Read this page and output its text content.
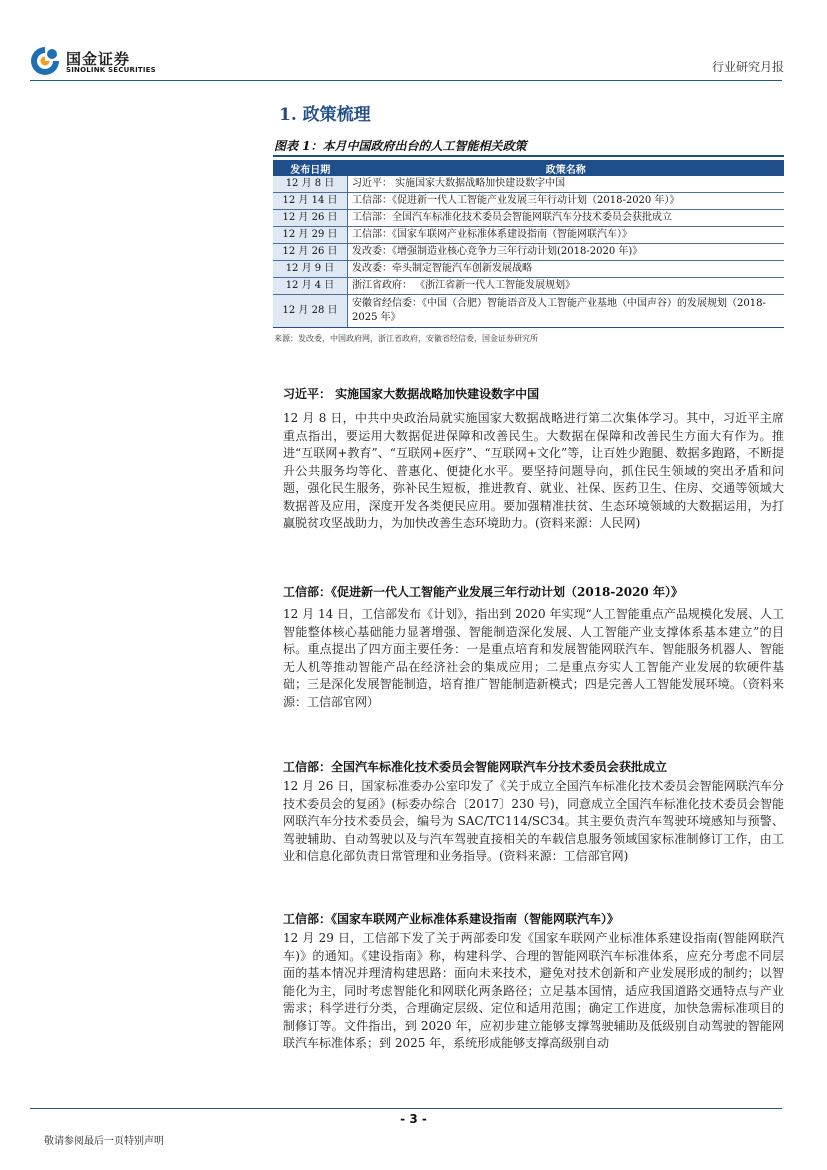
国金证券
SINOLINK SECURITIES	行业研究月报
1. 政策梳理
图表 1：本月中国政府出台的人工智能相关政策
发布日期	政策名称
12 月 8 日	习近平： 实施国家大数据战略加快建设数字中国
12 月 14 日	工信部：《促进新一代人工智能产业发展三年行动计划（2018-2020 年）》
12 月 26 日	工信部：全国汽车标准化技术委员会智能网联汽车分技术委员会获批成立
12 月 29 日	工信部：《国家车联网产业标准体系建设指南（智能网联汽车）》
12 月 26 日	发改委：《增强制造业核心竞争力三年行动计划(2018-2020 年)》
12 月 9 日	发改委：牵头制定智能汽车创新发展战略
12 月 4 日	浙江省政府： 《浙江省新一代人工智能发展规划》
12 月 28 日	安徽省经信委：《中国（合肥）智能语音及人工智能产业基地（中国声谷）的发展规划（2018-2025 年》
来源：发改委，中国政府网，浙江省政府，安徽省经信委，国金证券研究所
习近平： 实施国家大数据战略加快建设数字中国

12 月 8 日，中共中央政治局就实施国家大数据战略进行第二次集体学习。其中，习近平主席重点指出，要运用大数据促进保障和改善民生。大数据在保障和改善民生方面大有作为。推进“互联网+教育”、“互联网+医疗”、“互联网+文化”等，让百姓少跑腿、数据多跑路，不断提升公共服务均等化、普惠化、便捷化水平。要坚持问题导向，抓住民生领域的突出矛盾和问题，强化民生服务，弥补民生短板，推进教育、就业、社保、医药卫生、住房、交通等领域大数据普及应用，深度开发各类便民应用。要加强精准扶贫、生态环境领域的大数据运用，为打赢脱贫攻坚战助力，为加快改善生态环境助力。(资料来源：人民网)

工信部：《促进新一代人工智能产业发展三年行动计划（2018-2020 年）》

12 月 14 日，工信部发布《计划》，指出到 2020 年实现“人工智能重点产品规模化发展、人工智能整体核心基础能力显著增强、智能制造深化发展、人工智能产业支撑体系基本建立”的目标。重点提出了四方面主要任务：一是重点培育和发展智能网联汽车、智能服务机器人、智能无人机等推动智能产品在经济社会的集成应用；二是重点夯实人工智能产业发展的软硬件基础；三是深化发展智能制造，培育推广智能制造新模式；四是完善人工智能发展环境。（资料来源：工信部官网）

工信部：全国汽车标准化技术委员会智能网联汽车分技术委员会获批成立

12 月 26 日，国家标准委办公室印发了《关于成立全国汽车标准化技术委员会智能网联汽车分技术委员会的复函》(标委办综合〔2017〕230 号)，同意成立全国汽车标准化技术委员会智能网联汽车分技术委员会，编号为 SAC/TC114/SC34。其主要负责汽车驾驶环境感知与预警、驾驶辅助、自动驾驶以及与汽车驾驶直接相关的车载信息服务领域国家标准制修订工作，由工业和信息化部负责日常管理和业务指导。(资料来源：工信部官网)

工信部：《国家车联网产业标准体系建设指南（智能网联汽车）》

12 月 29 日，工信部下发了关于两部委印发《国家车联网产业标准体系建设指南(智能网联汽车)》的通知。《建设指南》称，构建科学、合理的智能网联汽车标准体系，应充分考虑不同层面的基本情况并理清构建思路：面向未来技术，避免对技术创新和产业发展形成的制约；以智能化为主，同时考虑智能化和网联化两条路径；立足基本国情，适应我国道路交通特点与产业需求；科学进行分类，合理确定层级、定位和适用范围；确定工作进度，加快急需标准项目的制修订等。文件指出，到 2020 年，应初步建立能够支撑驾驶辅助及低级别自动驾驶的智能网联汽车标准体系；到 2025 年，系统形成能够支撑高级别自动

- 3 -
敬请参阅最后一页特别声明
